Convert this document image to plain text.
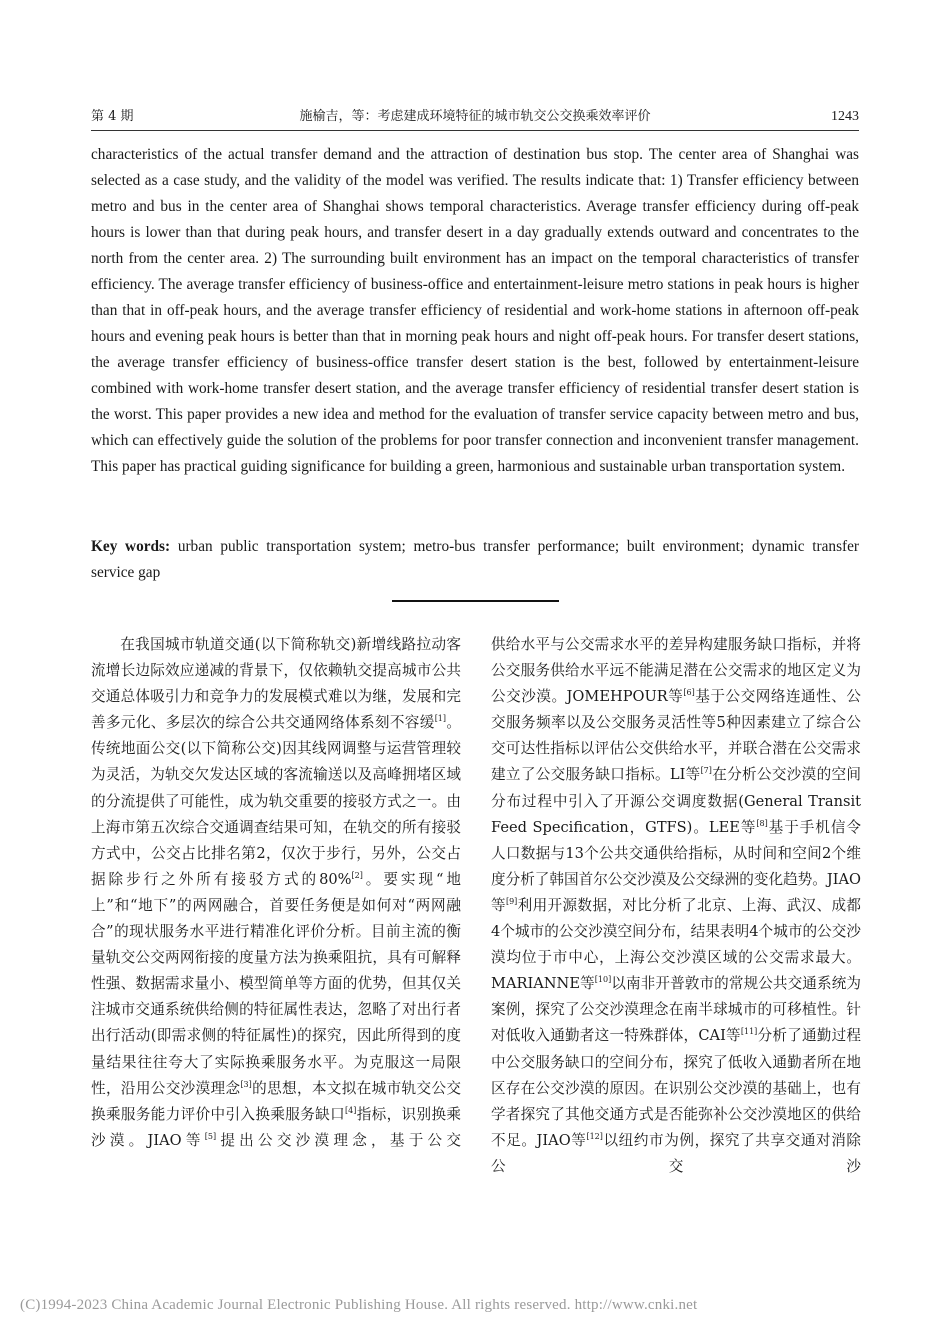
第 4 期	施榆吉，等：考虑建成环境特征的城市轨交公交换乘效率评价	1243

characteristics of the actual transfer demand and the attraction of destination bus stop. The center area of Shanghai was selected as a case study, and the validity of the model was verified. The results indicate that: 1) Transfer efficiency between metro and bus in the center area of Shanghai shows temporal characteristics. Average transfer efficiency during off-peak hours is lower than that during peak hours, and transfer desert in a day gradually extends outward and concentrates to the north from the center area. 2) The surrounding built environment has an impact on the temporal characteristics of transfer efficiency. The average transfer efficiency of business-office and entertainment-leisure metro stations in peak hours is higher than that in off-peak hours, and the average transfer efficiency of residential and work-home stations in afternoon off-peak hours and evening peak hours is better than that in morning peak hours and night off-peak hours. For transfer desert stations, the average transfer efficiency of business-office transfer desert station is the best, followed by entertainment-leisure combined with work-home transfer desert station, and the average transfer efficiency of residential transfer desert station is the worst. This paper provides a new idea and method for the evaluation of transfer service capacity between metro and bus, which can effectively guide the solution of the problems for poor transfer connection and inconvenient transfer management. This paper has practical guiding significance for building a green, harmonious and sustainable urban transportation system.

Key words: urban public transportation system; metro-bus transfer performance; built environment; dynamic transfer service gap

在我国城市轨道交通(以下简称轨交)新增线路拉动客流增长边际效应递减的背景下，仅依赖轨交提高城市公共交通总体吸引力和竞争力的发展模式难以为继，发展和完善多元化、多层次的综合公共交通网络体系刻不容缓[1]。传统地面公交(以下简称公交)因其线网调整与运营管理较为灵活，为轨交欠发达区域的客流输送以及高峰拥堵区域的分流提供了可能性，成为轨交重要的接驳方式之一。由上海市第五次综合交通调查结果可知，在轨交的所有接驳方式中，公交占比排名第2，仅次于步行，另外，公交占据除步行之外所有接驳方式的80%[2]。要实现“地上”和“地下”的两网融合，首要任务便是如何对“两网融合”的现状服务水平进行精准化评价分析。目前主流的衡量轨交公交两网衔接的度量方法为换乘阻抗，具有可解释性强、数据需求量小、模型简单等方面的优势，但其仅关注城市交通系统供给侧的特征属性表达，忽略了对出行者出行活动(即需求侧的特征属性)的探究，因此所得到的度量结果往往夸大了实际换乘服务水平。为克服这一局限性，沿用公交沙漠理念[3]的思想，本文拟在城市轨交公交换乘服务能力评价中引入换乘服务缺口[4]指标，识别换乘沙漠。JIAO等[5]提出公交沙漠理念，基于公交

供给水平与公交需求水平的差异构建服务缺口指标，并将公交服务供给水平远不能满足潜在公交需求的地区定义为公交沙漠。JOMEHPOUR等[6]基于公交网络连通性、公交服务频率以及公交服务灵活性等5种因素建立了综合公交可达性指标以评估公交供给水平，并联合潜在公交需求建立了公交服务缺口指标。LI等[7]在分析公交沙漠的空间分布过程中引入了开源公交调度数据(General Transit Feed Specification，GTFS)。LEE等[8]基于手机信令人口数据与13个公共交通供给指标，从时间和空间2个维度分析了韩国首尔公交沙漠及公交绿洲的变化趋势。JIAO等[9]利用开源数据，对比分析了北京、上海、武汉、成都4个城市的公交沙漠空间分布，结果表明4个城市的公交沙漠均位于市中心，上海公交沙漠区域的公交需求最大。MARIANNE等[10]以南非开普敦市的常规公共交通系统为案例，探究了公交沙漠理念在南半球城市的可移植性。针对低收入通勤者这一特殊群体，CAI等[11]分析了通勤过程中公交服务缺口的空间分布，探究了低收入通勤者所在地区存在公交沙漠的原因。在识别公交沙漠的基础上，也有学者探究了其他交通方式是否能弥补公交沙漠地区的供给不足。JIAO等[12]以纽约市为例，探究了共享交通对消除公交沙

(C)1994-2023 China Academic Journal Electronic Publishing House. All rights reserved. http://www.cnki.net
